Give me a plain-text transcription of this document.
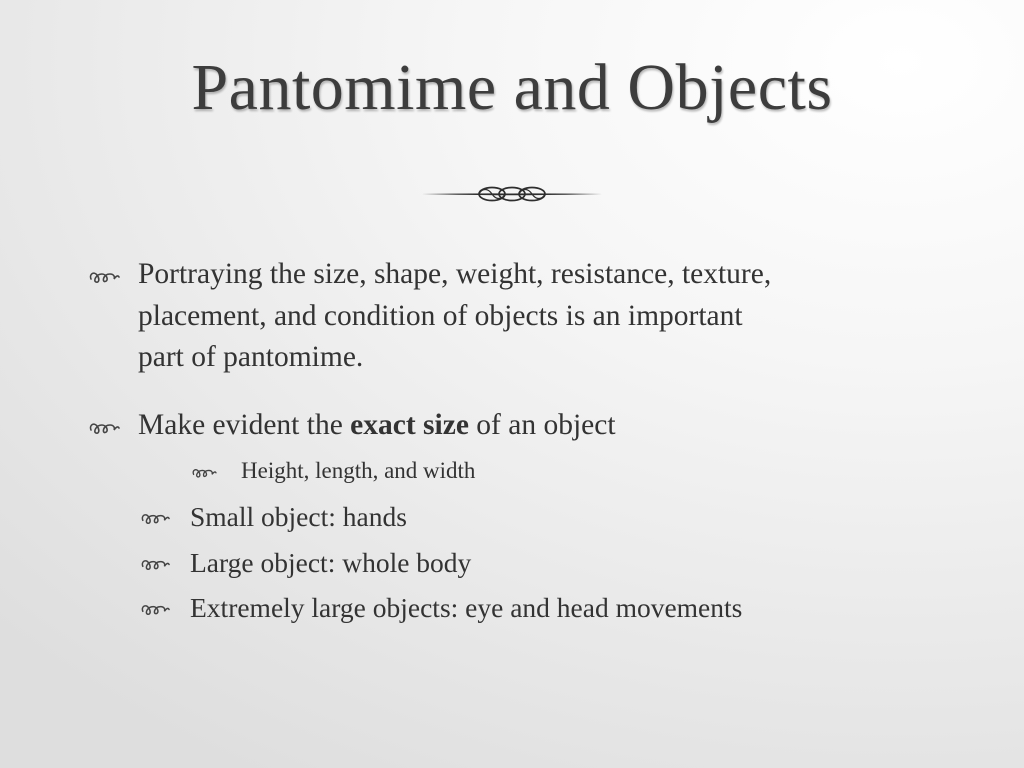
Pantomime and Objects
Portraying the size, shape, weight, resistance, texture,
placement, and condition of objects is an important
part of pantomime.
Make evident the exact size of an object
Height, length, and width
Small object: hands
Large object: whole body
Extremely large objects: eye and head movements
